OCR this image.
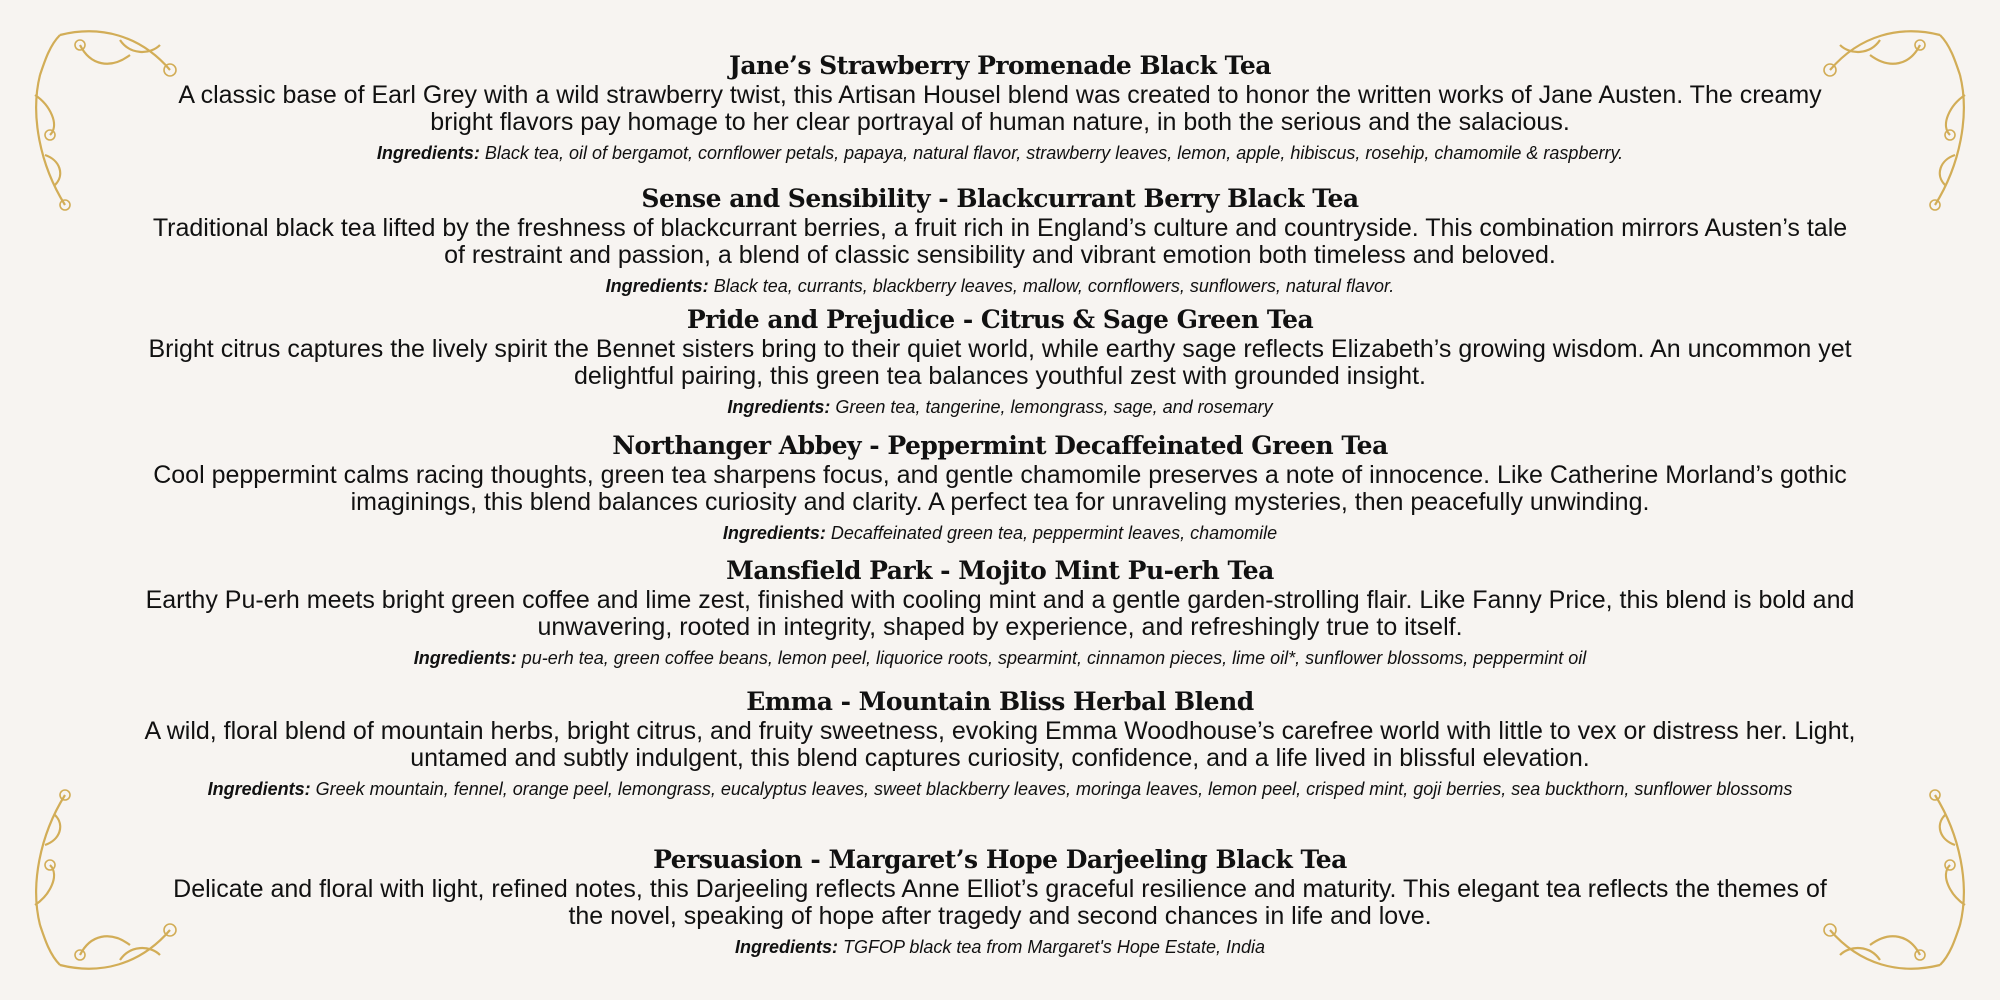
Jane’s Strawberry Promenade Black Tea
A classic base of Earl Grey with a wild strawberry twist, this Artisan Housel blend was created to honor the written works of Jane Austen. The creamy bright flavors pay homage to her clear portrayal of human nature, in both the serious and the salacious.
Ingredients: Black tea, oil of bergamot, cornflower petals, papaya, natural flavor, strawberry leaves, lemon, apple, hibiscus, rosehip, chamomile & raspberry.
Sense and Sensibility - Blackcurrant Berry Black Tea
Traditional black tea lifted by the freshness of blackcurrant berries, a fruit rich in England’s culture and countryside. This combination mirrors Austen’s tale of restraint and passion, a blend of classic sensibility and vibrant emotion both timeless and beloved.
Ingredients: Black tea, currants, blackberry leaves, mallow, cornflowers, sunflowers, natural flavor.
Pride and Prejudice - Citrus & Sage Green Tea
Bright citrus captures the lively spirit the Bennet sisters bring to their quiet world, while earthy sage reflects Elizabeth’s growing wisdom. An uncommon yet delightful pairing, this green tea balances youthful zest with grounded insight.
Ingredients: Green tea, tangerine, lemongrass, sage, and rosemary
Northanger Abbey - Peppermint Decaffeinated Green Tea
Cool peppermint calms racing thoughts, green tea sharpens focus, and gentle chamomile preserves a note of innocence. Like Catherine Morland’s gothic imaginings, this blend balances curiosity and clarity. A perfect tea for unraveling mysteries, then peacefully unwinding.
Ingredients: Decaffeinated green tea, peppermint leaves, chamomile
Mansfield Park - Mojito Mint Pu-erh Tea
Earthy Pu-erh meets bright green coffee and lime zest, finished with cooling mint and a gentle garden-strolling flair. Like Fanny Price, this blend is bold and unwavering, rooted in integrity, shaped by experience, and refreshingly true to itself.
Ingredients: pu-erh tea, green coffee beans, lemon peel, liquorice roots, spearmint, cinnamon pieces, lime oil*, sunflower blossoms, peppermint oil
Emma - Mountain Bliss Herbal Blend
A wild, floral blend of mountain herbs, bright citrus, and fruity sweetness, evoking Emma Woodhouse’s carefree world with little to vex or distress her. Light, untamed and subtly indulgent, this blend captures curiosity, confidence, and a life lived in blissful elevation.
Ingredients: Greek mountain, fennel, orange peel, lemongrass, eucalyptus leaves, sweet blackberry leaves, moringa leaves, lemon peel, crisped mint, goji berries, sea buckthorn, sunflower blossoms
Persuasion - Margaret’s Hope Darjeeling Black Tea
Delicate and floral with light, refined notes, this Darjeeling reflects Anne Elliot’s graceful resilience and maturity. This elegant tea reflects the themes of the novel, speaking of hope after tragedy and second chances in life and love.
Ingredients: TGFOP black tea from Margaret's Hope Estate, India
